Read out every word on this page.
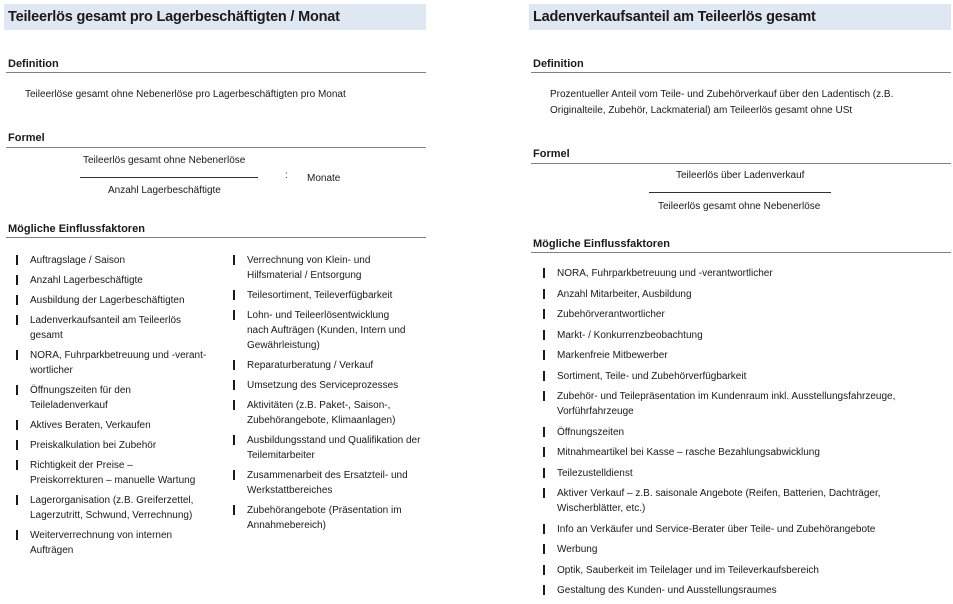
Teileerlös gesamt pro Lagerbeschäftigten / Monat
Definition
Teileerlöse gesamt ohne Nebenerlöse pro Lagerbeschäftigten pro Monat
Formel
Teileerlös gesamt ohne Nebenerlöse
Anzahl Lagerbeschäftigte
: Monate
Mögliche Einflussfaktoren
Auftragslage / Saison
Anzahl Lagerbeschäftigte
Ausbildung der Lagerbeschäftigten
Ladenverkaufsanteil am Teileerlös
gesamt
NORA, Fuhrparkbetreuung und -verant-
wortlicher
Öffnungszeiten für den
Teileladenverkauf
Aktives Beraten, Verkaufen
Preiskalkulation bei Zubehör
Richtigkeit der Preise –
Preiskorrekturen – manuelle Wartung
Lagerorganisation (z.B. Greiferzettel,
Lagerzutritt, Schwund, Verrechnung)
Weiterverrechnung von internen
Aufträgen
Verrechnung von Klein- und
Hilfsmaterial / Entsorgung
Teilesortiment, Teileverfügbarkeit
Lohn- und Teileerlösentwicklung
nach Aufträgen (Kunden, Intern und
Gewährleistung)
Reparaturberatung / Verkauf
Umsetzung des Serviceprozesses
Aktivitäten (z.B. Paket-, Saison-,
Zubehörangebote, Klimaanlagen)
Ausbildungsstand und Qualifikation der
Teilemitarbeiter
Zusammenarbeit des Ersatzteil- und
Werkstattbereiches
Zubehörangebote (Präsentation im
Annahmebereich)
Ladenverkaufsanteil am Teileerlös gesamt
Definition
Prozentueller Anteil vom Teile- und Zubehörverkauf über den Ladentisch (z.B.
Originalteile, Zubehör, Lackmaterial) am Teileerlös gesamt ohne USt
Formel
Teileerlös über Ladenverkauf
Teileerlös gesamt ohne Nebenerlöse
Mögliche Einflussfaktoren
NORA, Fuhrparkbetreuung und -verantwortlicher
Anzahl Mitarbeiter, Ausbildung
Zubehörverantwortlicher
Markt- / Konkurrenzbeobachtung
Markenfreie Mitbewerber
Sortiment, Teile- und Zubehörverfügbarkeit
Zubehör- und Teilepräsentation im Kundenraum inkl. Ausstellungsfahrzeuge,
Vorführfahrzeuge
Öffnungszeiten
Mitnahmeartikel bei Kasse – rasche Bezahlungsabwicklung
Teilezustelldienst
Aktiver Verkauf – z.B. saisonale Angebote (Reifen, Batterien, Dachträger,
Wischerblätter, etc.)
Info an Verkäufer und Service-Berater über Teile- und Zubehörangebote
Werbung
Optik, Sauberkeit im Teilelager und im Teileverkaufsbereich
Gestaltung des Kunden- und Ausstellungsraumes
